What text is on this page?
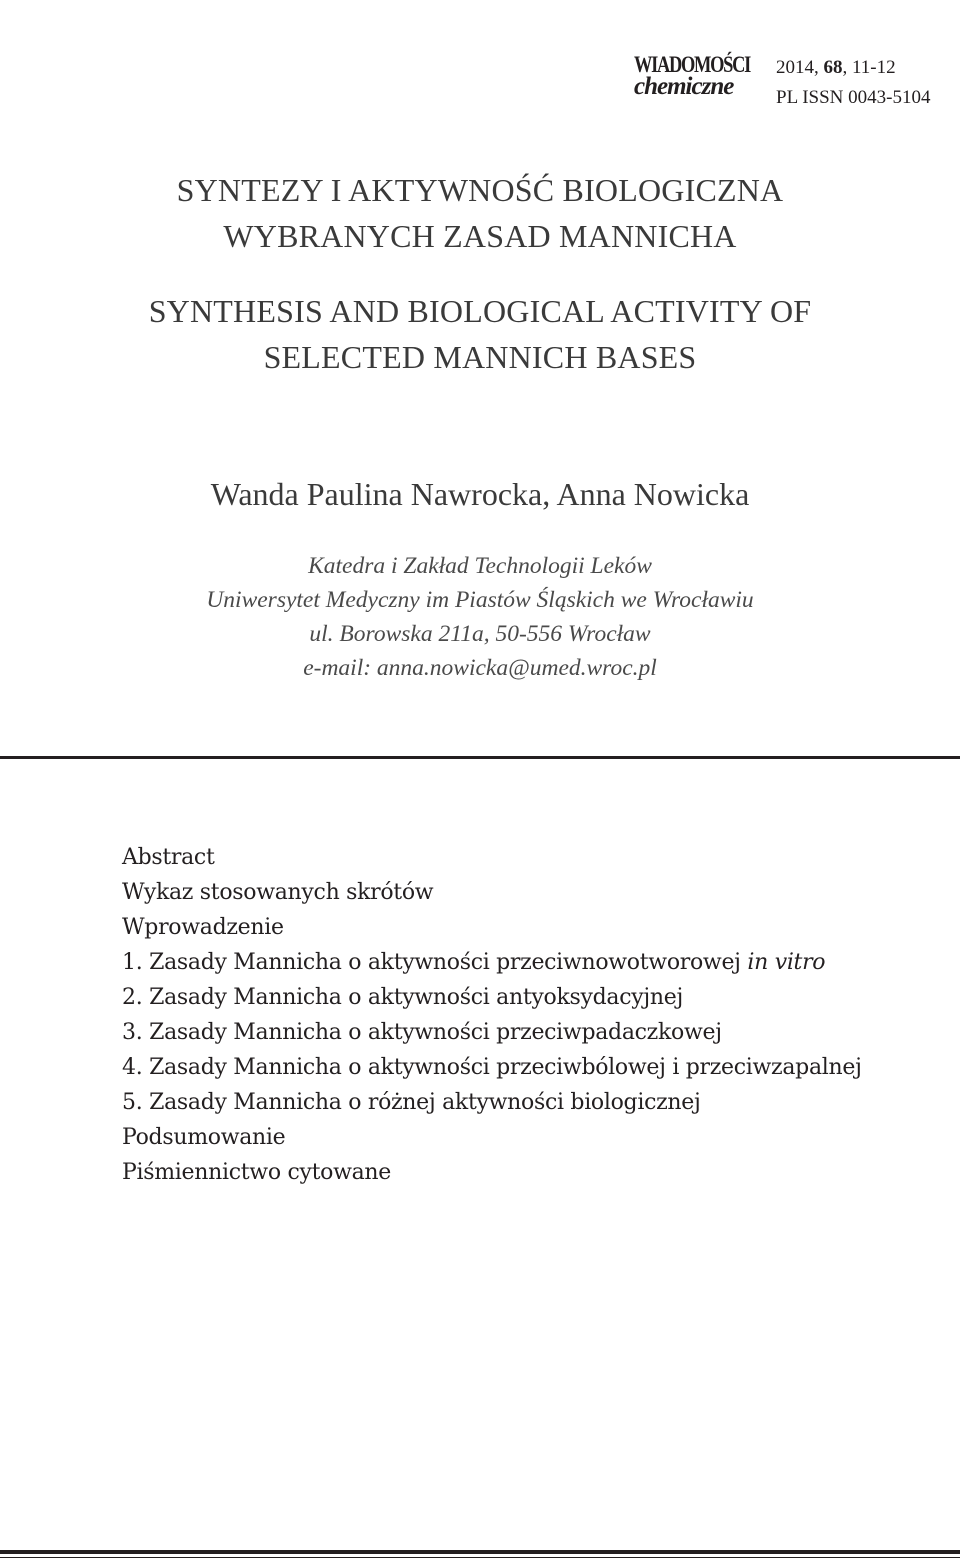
WIADOMOŚCI
chemiczne
2014, 68, 11-12
PL ISSN 0043-5104
SYNTEZY I AKTYWNOŚĆ BIOLOGICZNA
WYBRANYCH ZASAD MANNICHA
SYNTHESIS AND BIOLOGICAL ACTIVITY OF
SELECTED MANNICH BASES
Wanda Paulina Nawrocka, Anna Nowicka
Katedra i Zakład Technologii Leków
Uniwersytet Medyczny im Piastów Śląskich we Wrocławiu
ul. Borowska 211a, 50-556 Wrocław
e-mail: anna.nowicka@umed.wroc.pl
Abstract
Wykaz stosowanych skrótów
Wprowadzenie
1. Zasady Mannicha o aktywności przeciwnowotworowej in vitro
2. Zasady Mannicha o aktywności antyoksydacyjnej
3. Zasady Mannicha o aktywności przeciwpadaczkowej
4. Zasady Mannicha o aktywności przeciwbólowej i przeciwzapalnej
5. Zasady Mannicha o różnej aktywności biologicznej
Podsumowanie
Piśmiennictwo cytowane
